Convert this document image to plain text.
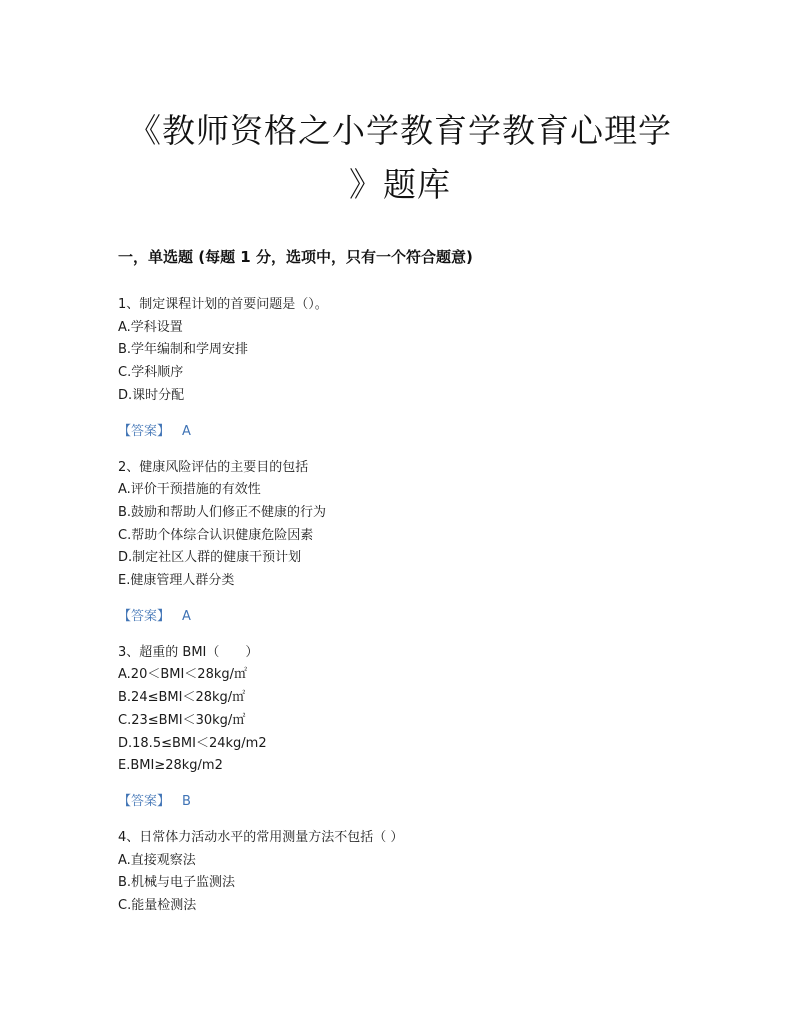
《教师资格之小学教育学教育心理学
》题库
一，单选题 (每题 1 分，选项中，只有一个符合题意)
1、制定课程计划的首要问题是（）。
A.学科设置
B.学年编制和学周安排
C.学科顺序
D.课时分配
【答案】 A
2、健康风险评估的主要目的包括
A.评价干预措施的有效性
B.鼓励和帮助人们修正不健康的行为
C.帮助个体综合认识健康危险因素
D.制定社区人群的健康干预计划
E.健康管理人群分类
【答案】 A
3、超重的 BMI（　　）
A.20＜BMI＜28kg/㎡
B.24≤BMI＜28kg/㎡
C.23≤BMI＜30kg/㎡
D.18.5≤BMI＜24kg/m2
E.BMI≥28kg/m2
【答案】 B
4、日常体力活动水平的常用测量方法不包括（ ）
A.直接观察法
B.机械与电子监测法
C.能量检测法
